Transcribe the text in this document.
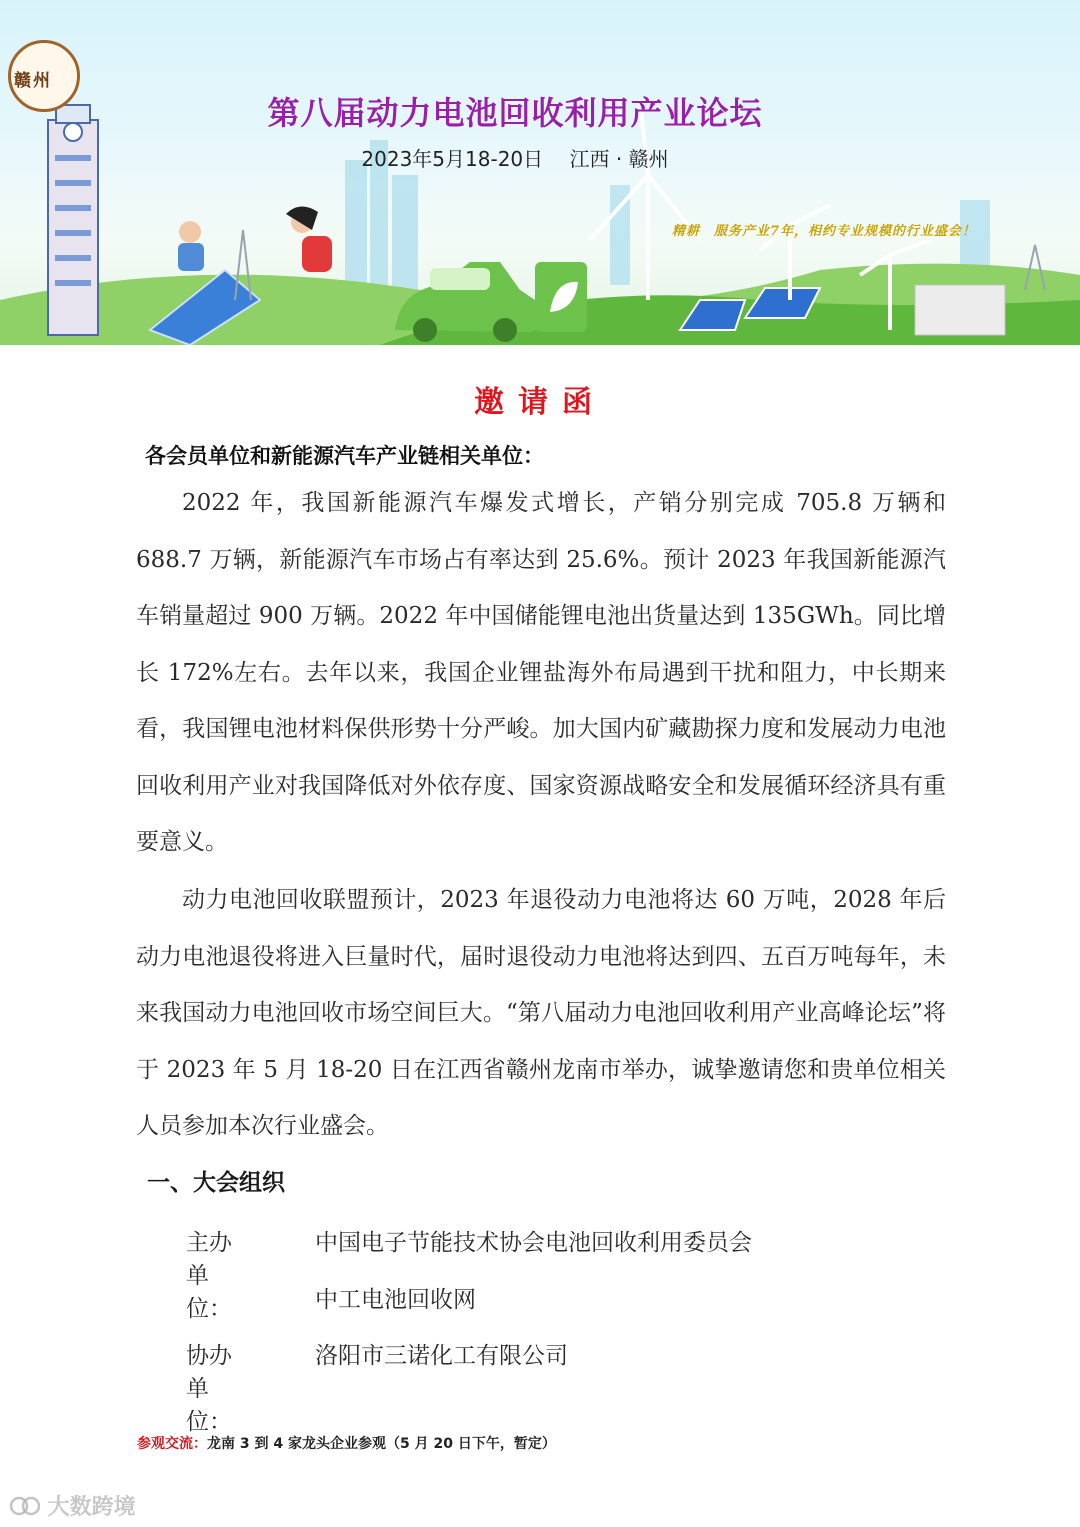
赣州
第八届动力电池回收利用产业论坛
2023年5月18-20日　 江西 · 赣州
精耕　服务产业7年，相约专业规模的行业盛会！
邀请函
各会员单位和新能源汽车产业链相关单位：

2022 年，我国新能源汽车爆发式增长，产销分别完成 705.8 万辆和 688.7 万辆，新能源汽车市场占有率达到 25.6%。预计 2023 年我国新能源汽车销量超过 900 万辆。2022 年中国储能锂电池出货量达到 135GWh。同比增长 172%左右。去年以来，我国企业锂盐海外布局遇到干扰和阻力，中长期来看，我国锂电池材料保供形势十分严峻。加大国内矿藏勘探力度和发展动力电池回收利用产业对我国降低对外依存度、国家资源战略安全和发展循环经济具有重要意义。

动力电池回收联盟预计，2023 年退役动力电池将达 60 万吨，2028 年后动力电池退役将进入巨量时代，届时退役动力电池将达到四、五百万吨每年，未来我国动力电池回收市场空间巨大。“第八届动力电池回收利用产业高峰论坛”将于 2023 年 5 月 18-20 日在江西省赣州龙南市举办，诚挚邀请您和贵单位相关人员参加本次行业盛会。

一、大会组织
主办单位：
中国电子节能技术协会电池回收利用委员会
中工电池回收网
协办单位：
洛阳市三诺化工有限公司
参观交流：龙南 3 到 4 家龙头企业参观（5 月 20 日下午，暂定）
大数跨境
